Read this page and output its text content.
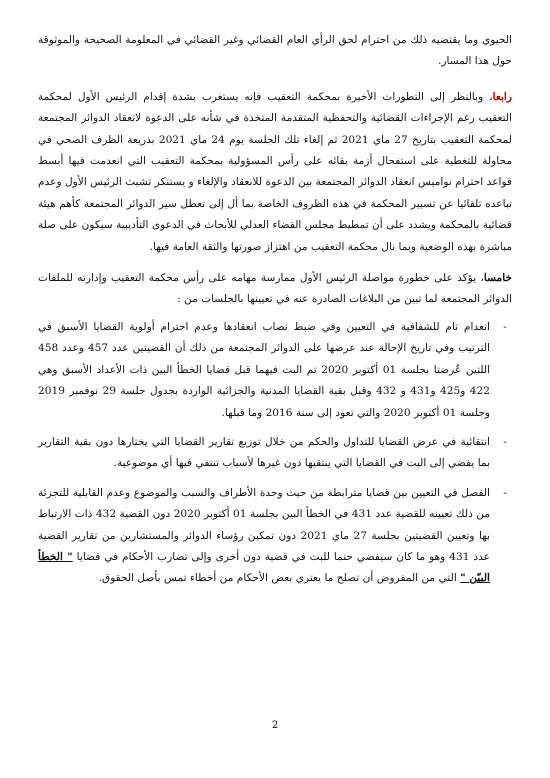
الحيوي وما يقتضيه ذلك من احترام لحق الرأي العام القضائي وغير القضائي في المعلومة الصحيحة والموثوقة حول هذا المسار.

رابعا، وبالنظر إلى التطورات الأخيرة بمحكمة التعقيب فإنه يستغرب بشدة إقدام الرئيس الأول لمحكمة التعقيب رغم الإجراءات القضائية والتحفظية المتقدمة المتخذة في شأنه على الدعوة لانعقاد الدوائر المجتمعة لمحكمة التعقيب بتاريخ 27 ماي 2021 ثم إلغاء تلك الجلسة يوم 24 ماي 2021 بذريعة الظرف الصحي في محاولة للتغطية على استفحال أزمة بقائه على رأس المسؤولية بمحكمة التعقيب التي انعدمت فيها أبسط قواعد احترام نواميس انعقاد الدوائر المجتمعة بين الدعوة للانعقاد والإلغاء و يستنكر تشبث الرئيس الأول وعدم تباعده تلقائيا عن تسيير المحكمة في هذه الظروف الخاصة بما أل إلى تعطل سير الدوائر المجتمعة كأهم هيئة قضائية بالمحكمة ويشدد على أن تمطيط مجلس القضاء العدلي للأبحاث في الدعوى التأديبية سيكون على صلة مباشرة بهذه الوضعية وبما نال محكمة التعقيب من اهتزاز صورتها والثقة العامة فيها.

خامسا، يؤكد على خطورة مواصلة الرئيس الأول ممارسة مهامه على رأس محكمة التعقيب وإدارته للملفات الدوائر المجتمعة لما تبين من البلاغات الصادرة عنه في تعيينها بالجلسات من :

-
انعدام تام للشفافية في التعيين وفي ضبط نصاب انعقادها وعدم احترام أولوية القضايا الأسبق في الترتيب وفي تاريخ الإحالة عند عرضها على الدوائر المجتمعة من ذلك أن القضيتين عدد 457 وعدد 458 اللتين عُرضتا بجلسة 01 أكتوبر 2020 تم البت فيهما قبل قضايا الخطأ البين ذات الأعداد الأسبق وهي 422 و425 و431 و 432 وقبل بقية القضايا المدنية والجزائية الواردة بجدول جلسة 29 نوفمبر 2019 وجلسة 01 أكتوبر 2020 والتي تعود إلى سنة 2016 وما قبلها.
-
انتقائية في عرض القضايا للتداول والحكم من خلال توزيع تقارير القضايا التي يختارها دون بقية التقارير بما يفضي إلى البت في القضايا التي ينتقيها دون غيرها لأسباب تنتفي فيها أي موضوعية.
-
الفصل في التعيين بين قضايا مترابطة من حيث وحدة الأطراف والسبب والموضوع وعدم القابلية للتجزئة من ذلك تعيينه للقضية عدد 431 في الخطأ البين بجلسة 01 أكتوبر 2020 دون القضية 432 ذات الارتباط بها وتعيين القضيتين بجلسة 27 ماي 2021 دون تمكين رؤساء الدوائر والمستشارين من تقارير القضية عدد 431 وهو ما كان سيفضي حتما للبت في قضية دون أخرى وإلى تضارب الأحكام في قضايا " الخطأ البيّن " التي من المفروض أن تصلح ما يعتري بعض الأحكام من أخطاء تمس بأصل الحقوق.
2
